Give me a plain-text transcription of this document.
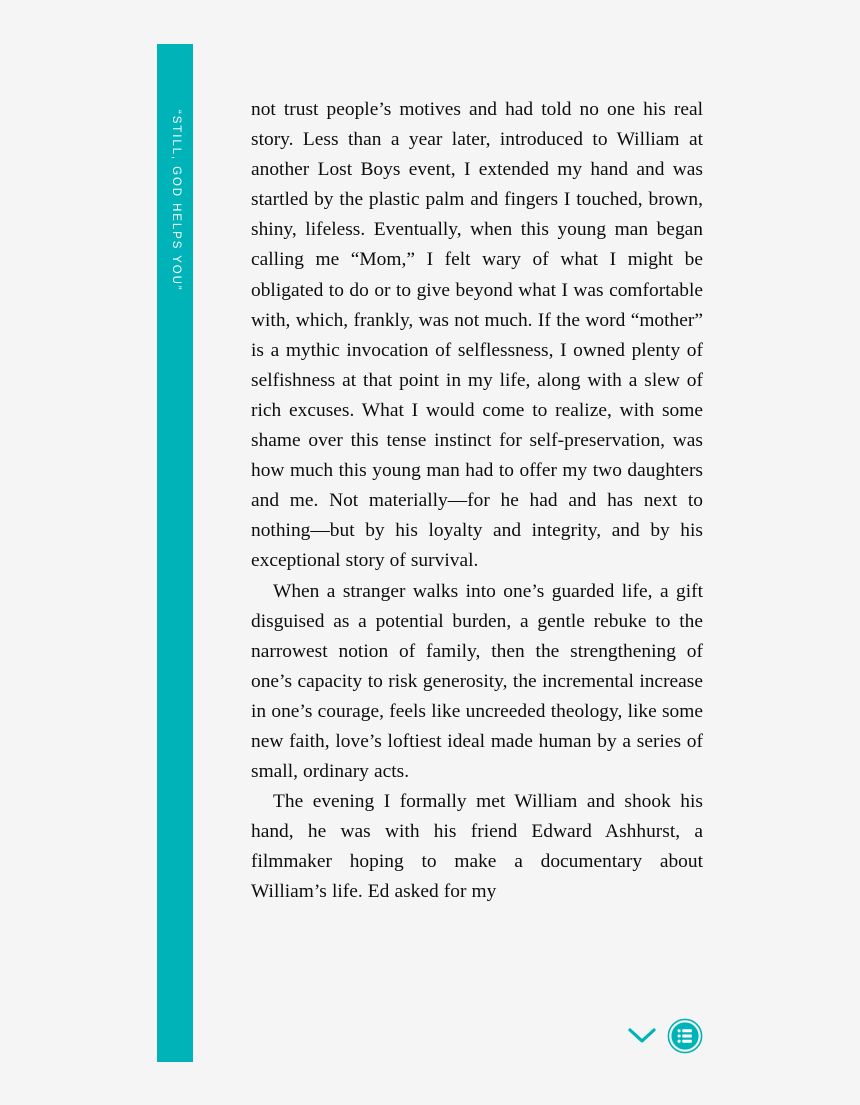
“STILL, GOD HELPS YOU”

not trust people’s motives and had told no one his real story. Less than a year later, introduced to William at another Lost Boys event, I extended my hand and was startled by the plastic palm and fingers I touched, brown, shiny, lifeless. Eventually, when this young man began calling me “Mom,” I felt wary of what I might be obligated to do or to give beyond what I was comfortable with, which, frankly, was not much. If the word “mother” is a mythic invocation of selflessness, I owned plenty of selfishness at that point in my life, along with a slew of rich excuses. What I would come to realize, with some shame over this tense instinct for self-preservation, was how much this young man had to offer my two daughters and me. Not materially—for he had and has next to nothing—but by his loyalty and integrity, and by his exceptional story of survival.

When a stranger walks into one’s guarded life, a gift disguised as a potential burden, a gentle rebuke to the narrowest notion of family, then the strengthening of one’s capacity to risk generosity, the incremental increase in one’s courage, feels like uncreeded theology, like some new faith, love’s loftiest ideal made human by a series of small, ordinary acts.

The evening I formally met William and shook his hand, he was with his friend Edward Ashhurst, a filmmaker hoping to make a documentary about William’s life. Ed asked for my
